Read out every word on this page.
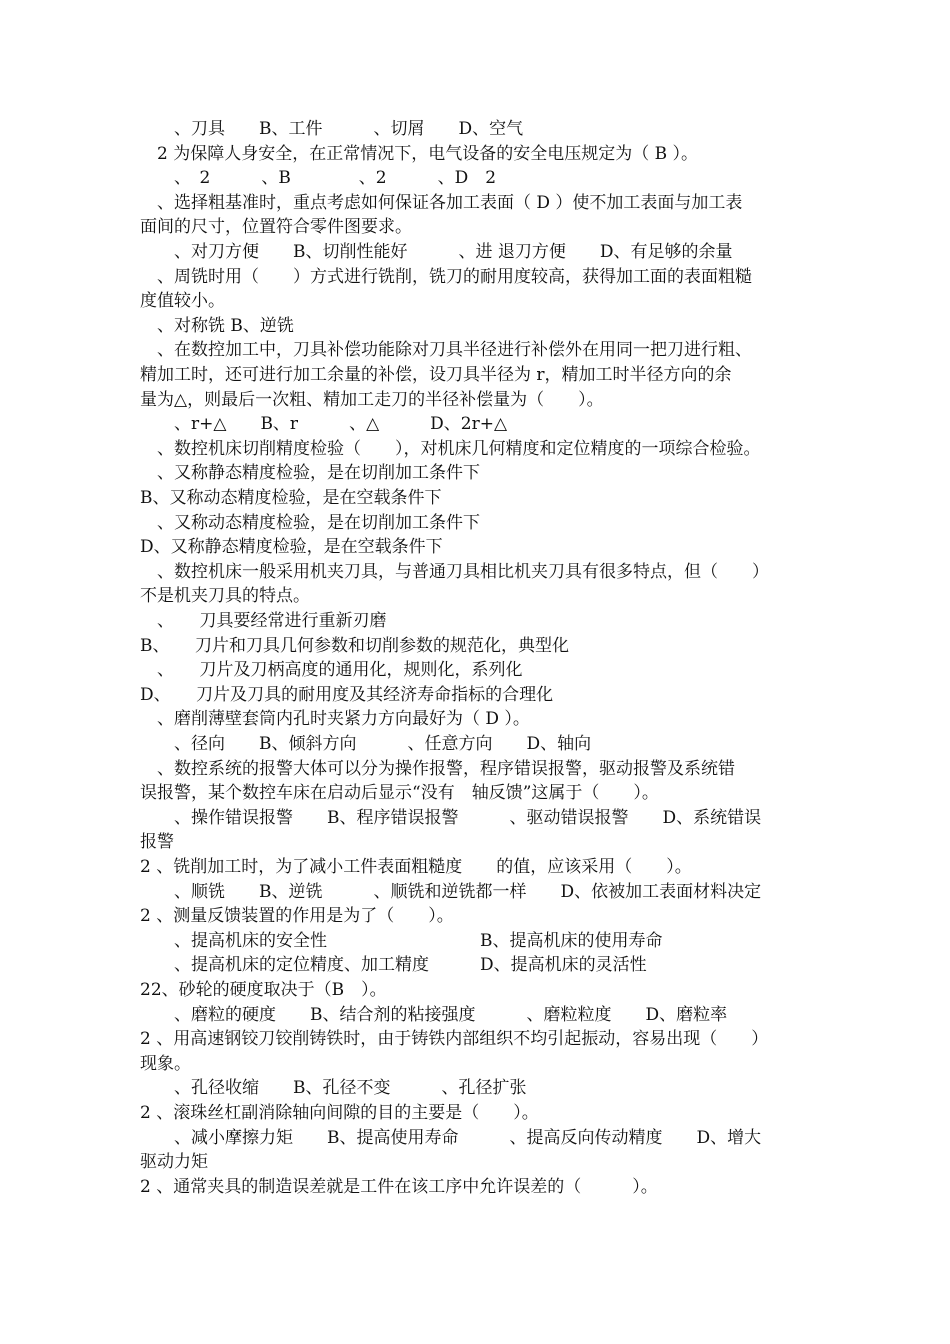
　　、刀具　　B、工件　　　、切屑　　D、空气
　2 为保障人身安全，在正常情况下，电气设备的安全电压规定为（ B ）。
　　、　2　　　、B　　　　、2　　　、D　2
　、选择粗基准时，重点考虑如何保证各加工表面（ D ）使不加工表面与加工表
面间的尺寸，位置符合零件图要求。
　　、对刀方便　　B、切削性能好　　　、进 退刀方便　　D、有足够的余量
　、周铣时用（　　）方式进行铣削，铣刀的耐用度较高，获得加工面的表面粗糙
度值较小。
　、对称铣 B、逆铣
　、在数控加工中，刀具补偿功能除对刀具半径进行补偿外在用同一把刀进行粗、
精加工时，还可进行加工余量的补偿，设刀具半径为 r，精加工时半径方向的余
量为△，则最后一次粗、精加工走刀的半径补偿量为（　　）。
　　、r+△　　B、r　　　、△　　　D、2r+△
　、数控机床切削精度检验（　　），对机床几何精度和定位精度的一项综合检验。
　、又称静态精度检验，是在切削加工条件下
B、又称动态精度检验，是在空载条件下
　、又称动态精度检验，是在切削加工条件下
D、又称静态精度检验，是在空载条件下
　、数控机床一般采用机夹刀具，与普通刀具相比机夹刀具有很多特点，但（　　）
不是机夹刀具的特点。
　、　　刀具要经常进行重新刃磨
B、　　刀片和刀具几何参数和切削参数的规范化，典型化
　、　　刀片及刀柄高度的通用化，规则化，系列化
D、　　刀片及刀具的耐用度及其经济寿命指标的合理化
　、磨削薄壁套筒内孔时夹紧力方向最好为（ D ）。
　　、径向　　B、倾斜方向　　　、任意方向　　D、轴向
　、数控系统的报警大体可以分为操作报警，程序错误报警，驱动报警及系统错
误报警，某个数控车床在启动后显示“没有　轴反馈”这属于（　　）。
　　、操作错误报警　　B、程序错误报警　　　、驱动错误报警　　D、系统错误
报警
2 、铣削加工时，为了减小工件表面粗糙度　　的值，应该采用（　　）。
　　、顺铣　　B、逆铣　　　、顺铣和逆铣都一样　　D、依被加工表面材料决定
2 、测量反馈装置的作用是为了（　　）。
　　、提高机床的安全性　　　　　　　　　B、提高机床的使用寿命
　　、提高机床的定位精度、加工精度　　　D、提高机床的灵活性
22、砂轮的硬度取决于（B　）。
　　、磨粒的硬度　　B、结合剂的粘接强度　　　、磨粒粒度　　D、磨粒率
2 、用高速钢铰刀铰削铸铁时，由于铸铁内部组织不均引起振动，容易出现（　　）
现象。
　　、孔径收缩　　B、孔径不变　　　、孔径扩张
2 、滚珠丝杠副消除轴向间隙的目的主要是（　　）。
　　、减小摩擦力矩　　B、提高使用寿命　　　、提高反向传动精度　　D、增大
驱动力矩
2 、通常夹具的制造误差就是工件在该工序中允许误差的（　　　）。
